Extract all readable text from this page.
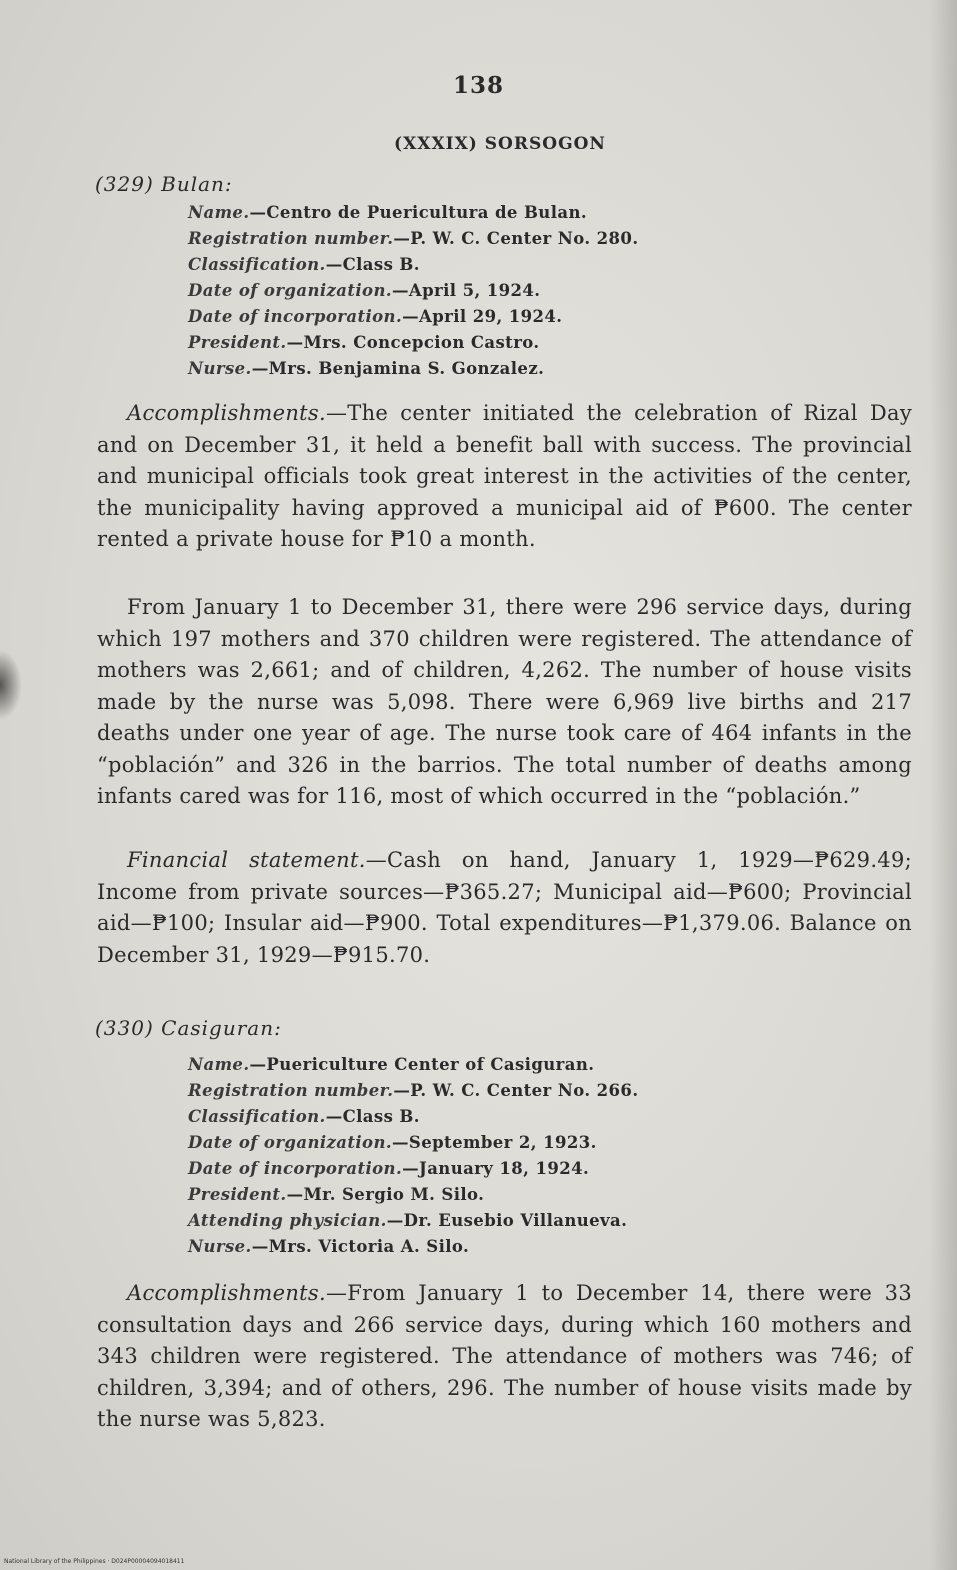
138
(XXXIX) SORSOGON
(329) Bulan:
Name.—Centro de Puericultura de Bulan.
Registration number.—P. W. C. Center No. 280.
Classification.—Class B.
Date of organization.—April 5, 1924.
Date of incorporation.—April 29, 1924.
President.—Mrs. Concepcion Castro.
Nurse.—Mrs. Benjamina S. Gonzalez.

Accomplishments.—The center initiated the celebration of Rizal Day and on December 31, it held a benefit ball with success. The provincial and municipal officials took great interest in the activities of the center, the municipality having approved a municipal aid of ₱600. The center rented a private house for ₱10 a month.

From January 1 to December 31, there were 296 service days, during which 197 mothers and 370 children were registered. The attendance of mothers was 2,661; and of children, 4,262. The number of house visits made by the nurse was 5,098. There were 6,969 live births and 217 deaths under one year of age. The nurse took care of 464 infants in the “población” and 326 in the barrios. The total number of deaths among infants cared was for 116, most of which occurred in the “población.”

Financial statement.—Cash on hand, January 1, 1929—₱629.49; Income from private sources—₱365.27; Municipal aid—₱600; Provincial aid—₱100; Insular aid—₱900. Total expenditures—₱1,379.06. Balance on December 31, 1929—₱915.70.

(330) Casiguran:
Name.—Puericulture Center of Casiguran.
Registration number.—P. W. C. Center No. 266.
Classification.—Class B.
Date of organization.—September 2, 1923.
Date of incorporation.—January 18, 1924.
President.—Mr. Sergio M. Silo.
Attending physician.—Dr. Eusebio Villanueva.
Nurse.—Mrs. Victoria A. Silo.

Accomplishments.—From January 1 to December 14, there were 33 consultation days and 266 service days, during which 160 mothers and 343 children were registered. The attendance of mothers was 746; of children, 3,394; and of others, 296. The number of house visits made by the nurse was 5,823.

National Library of the Philippines · D024P00004094018411
